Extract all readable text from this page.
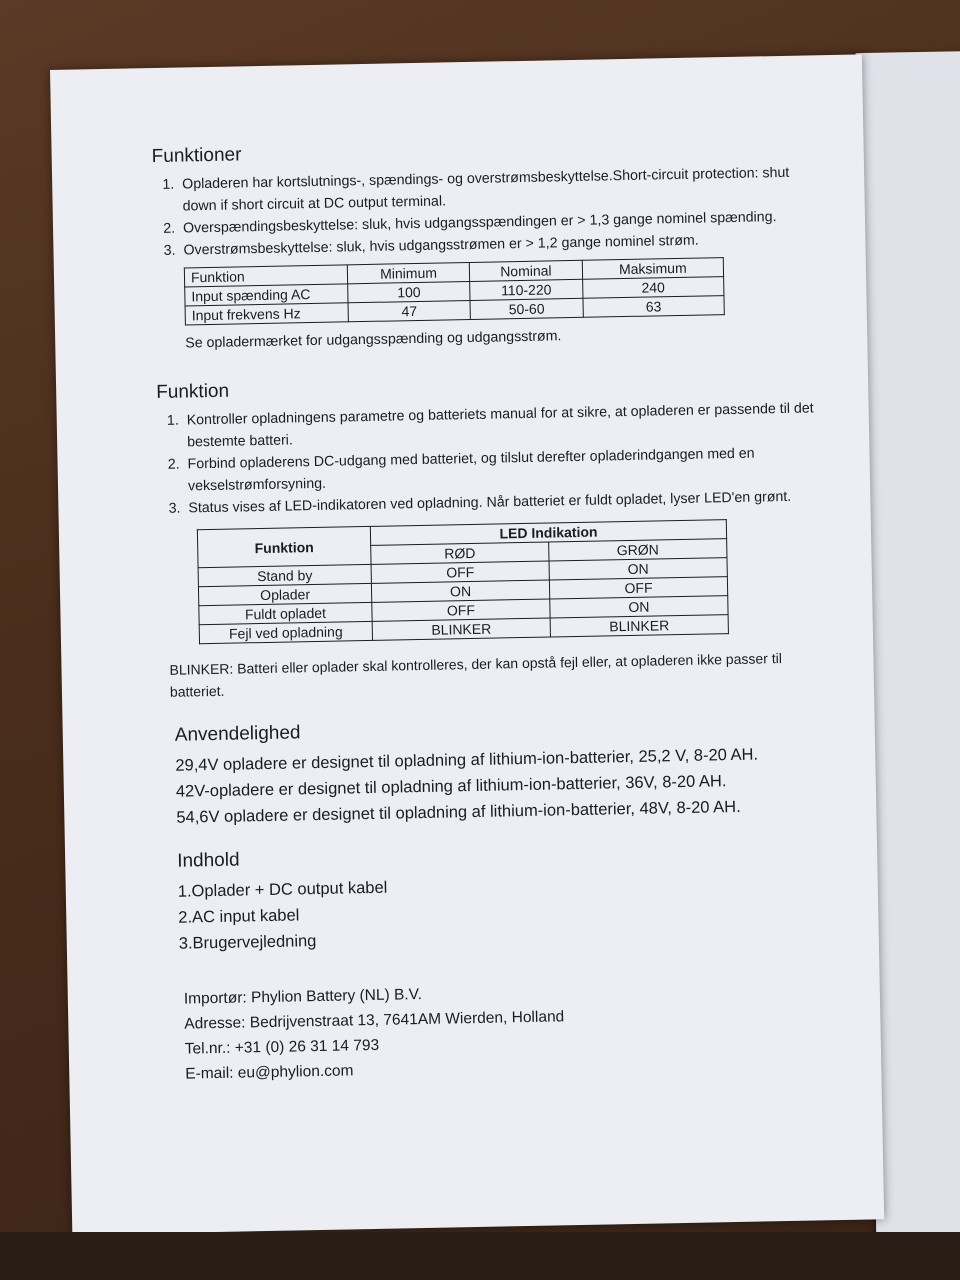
Funktioner
1. Opladeren har kortslutnings-, spændings- og overstrømsbeskyttelse.Short-circuit protection: shut down if short circuit at DC output terminal.
2. Overspændingsbeskyttelse: sluk, hvis udgangsspændingen er > 1,3 gange nominel spænding.
3. Overstrømsbeskyttelse: sluk, hvis udgangsstrømen er > 1,2 gange nominel strøm.
Funktion	Minimum	Nominal	Maksimum
Input spænding AC	100	110-220	240
Input frekvens Hz	47	50-60	63
Se opladermærket for udgangsspænding og udgangsstrøm.
Funktion
1. Kontroller opladningens parametre og batteriets manual for at sikre, at opladeren er passende til det bestemte batteri.
2. Forbind opladerens DC-udgang med batteriet, og tilslut derefter opladerindgangen med en vekselstrømforsyning.
3. Status vises af LED-indikatoren ved opladning. Når batteriet er fuldt opladet, lyser LED'en grønt.
Funktion	LED Indikation	
	RØD	GRØN
Stand by	OFF	ON
Oplader	ON	OFF
Fuldt opladet	OFF	ON
Fejl ved opladning	BLINKER	BLINKER
BLINKER: Batteri eller oplader skal kontrolleres, der kan opstå fejl eller, at opladeren ikke passer til batteriet.
Anvendelighed
29,4V opladere er designet til opladning af lithium-ion-batterier, 25,2 V, 8-20 AH.
42V-opladere er designet til opladning af lithium-ion-batterier, 36V, 8-20 AH.
54,6V opladere er designet til opladning af lithium-ion-batterier, 48V, 8-20 AH.
Indhold
1.Oplader + DC output kabel
2.AC input kabel
3.Brugervejledning
Importør: Phylion Battery (NL) B.V.
Adresse: Bedrijvenstraat 13, 7641AM Wierden, Holland
Tel.nr.: +31 (0) 26 31 14 793
E-mail: eu@phylion.com
